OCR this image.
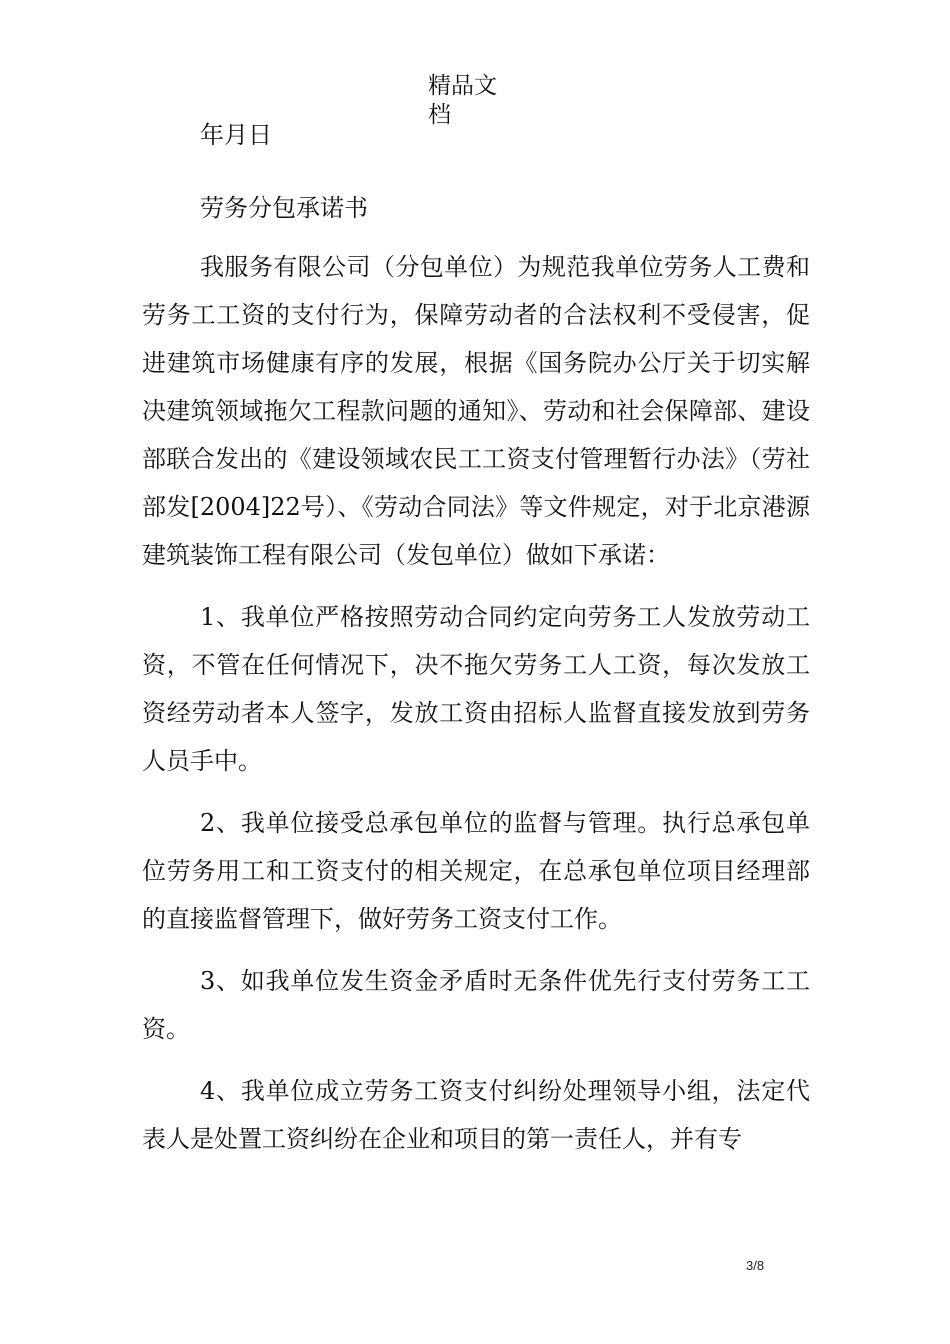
精品文档
年月日
劳务分包承诺书

我服务有限公司（分包单位）为规范我单位劳务人工费和劳务工工资的支付行为，保障劳动者的合法权利不受侵害，促进建筑市场健康有序的发展，根据《国务院办公厅关于切实解决建筑领域拖欠工程款问题的通知》、劳动和社会保障部、建设部联合发出的《建设领域农民工工资支付管理暂行办法》（劳社部发[2004]22号）、《劳动合同法》等文件规定，对于北京港源建筑装饰工程有限公司（发包单位）做如下承诺：

1、我单位严格按照劳动合同约定向劳务工人发放劳动工资，不管在任何情况下，决不拖欠劳务工人工资，每次发放工资经劳动者本人签字，发放工资由招标人监督直接发放到劳务人员手中。

2、我单位接受总承包单位的监督与管理。执行总承包单位劳务用工和工资支付的相关规定，在总承包单位项目经理部的直接监督管理下，做好劳务工资支付工作。

3、如我单位发生资金矛盾时无条件优先行支付劳务工工资。

4、我单位成立劳务工资支付纠纷处理领导小组，法定代表人是处置工资纠纷在企业和项目的第一责任人，并有专

3/8
